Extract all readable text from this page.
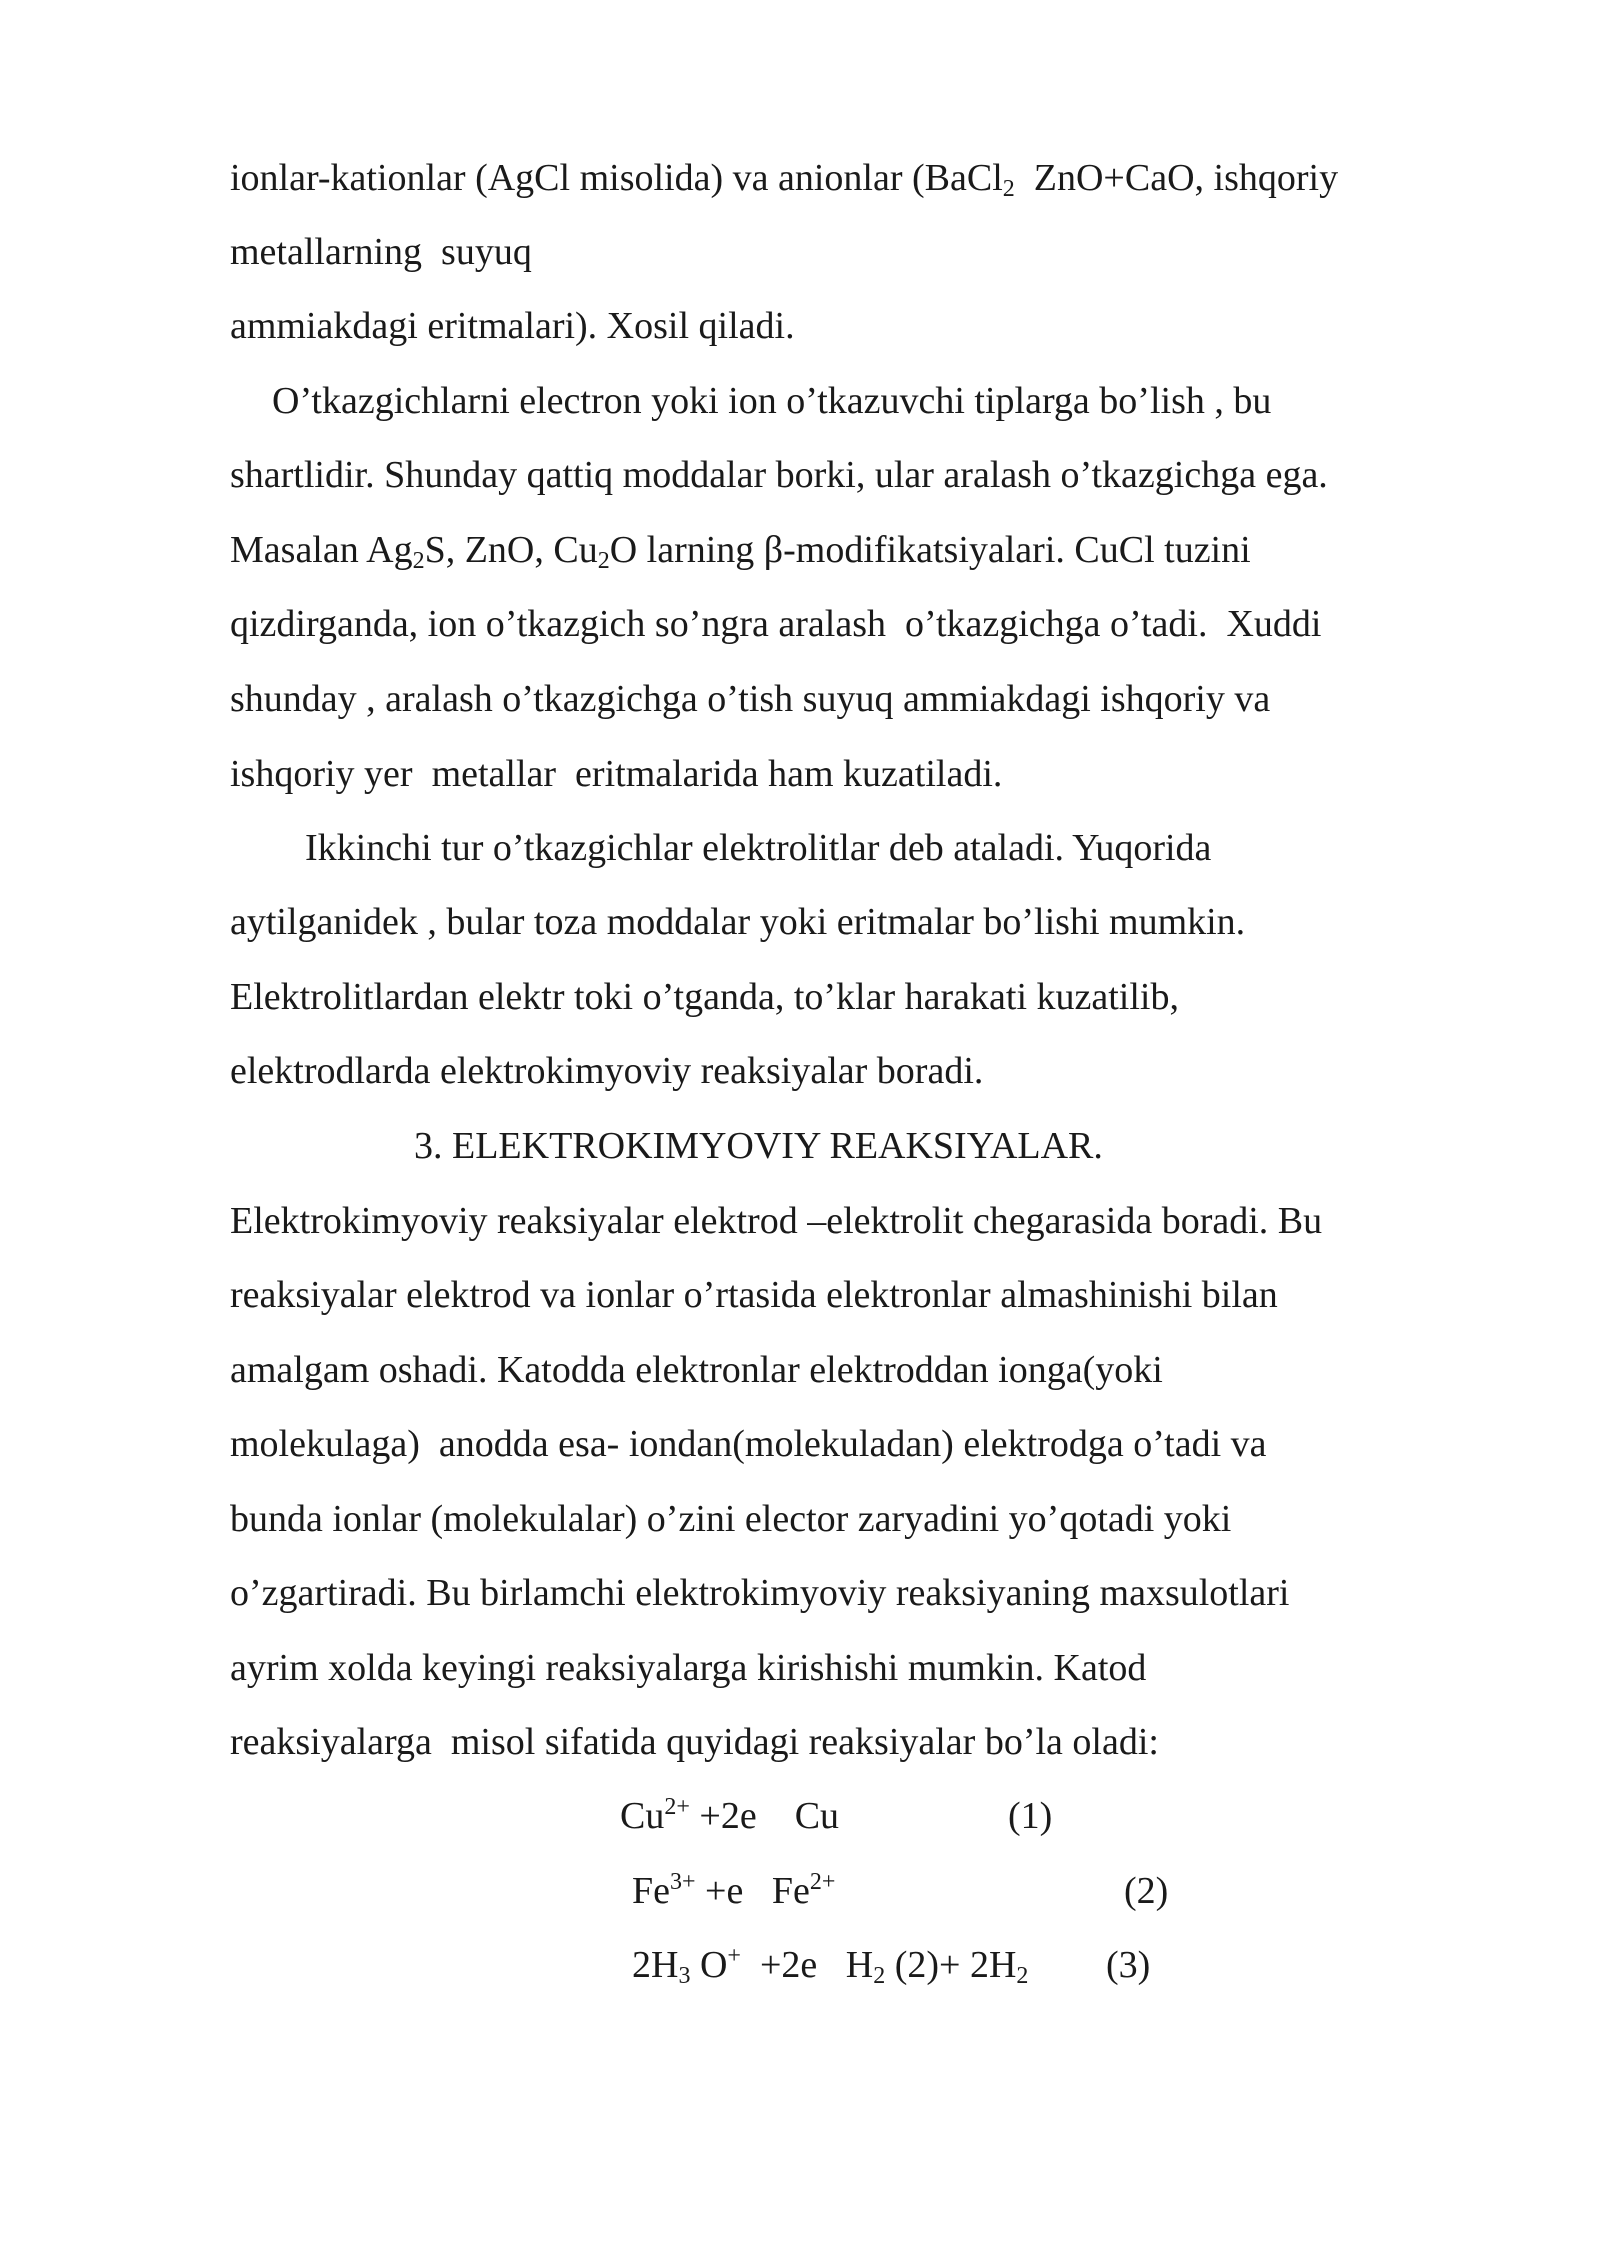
ionlar-kationlar (AgCl misolida) va anionlar (BaCl$_2$  ZnO+CaO, ishqoriy
metallarning  suyuq
ammiakdagi eritmalari). Xosil qiladi.
O’tkazgichlarni electron yoki ion o’tkazuvchi tiplarga bo’lish , bu
shartlidir. Shunday qattiq moddalar borki, ular aralash o’tkazgichga ega.
Masalan $Ag_2S$, ZnO, $Cu_2O$ larning β-modifikatsiyalari. CuCl tuzini
qizdirganda, ion o’tkazgich so’ngra aralash  o’tkazgichga o’tadi.  Xuddi
shunday , aralash o’tkazgichga o’tish suyuq ammiakdagi ishqoriy va
ishqoriy yer  metallar  eritmalarida ham kuzatiladi.
Ikkinchi tur o’tkazgichlar elektrolitlar deb ataladi. Yuqorida
aytilganidek , bular toza moddalar yoki eritmalar bo’lishi mumkin.
Elektrolitlardan elektr toki o’tganda, to’klar harakati kuzatilib,
elektrodlarda elektrokimyoviy reaksiyalar boradi.
3. ELEKTROKIMYOVIY REAKSIYALAR.
Elektrokimyoviy reaksiyalar elektrod –elektrolit chegarasida boradi. Bu
reaksiyalar elektrod va ionlar o’rtasida elektronlar almashinishi bilan
amalgam oshadi. Katodda elektronlar elektroddan ionga(yoki
molekulaga)  anodda esa- iondan(molekuladan) elektrodga o’tadi va
bunda ionlar (molekulalar) o’zini elector zaryadini yo’qotadi yoki
o’zgartiradi. Bu birlamchi elektrokimyoviy reaksiyaning maxsulotlari
ayrim xolda keyingi reaksiyalarga kirishishi mumkin. Katod
reaksiyalarga  misol sifatida quyidagi reaksiyalar bo’la oladi:
$Cu^{2+} +2e$    Cu	(1)
$Fe^{3+} +e$   $Fe^{2+}$	(2)
$2H_3$ O+  +2e   $H_2$ $(2)+ 2H_2$ (3)
